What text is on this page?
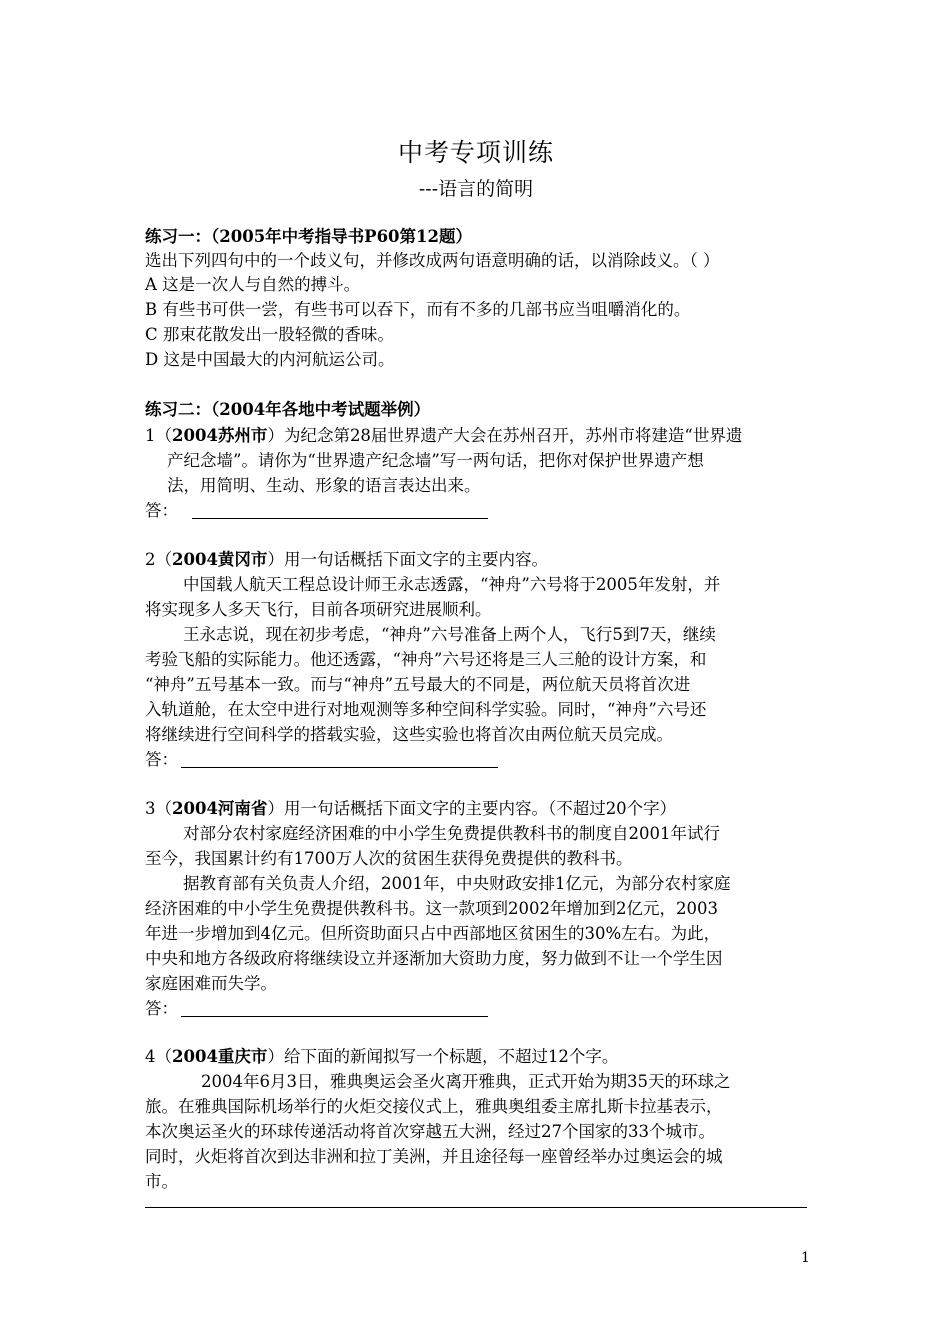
中考专项训练
---语言的简明
练习一：（2005年中考指导书P60第12题）
选出下列四句中的一个歧义句，并修改成两句语意明确的话，以消除歧义。（ ）
A 这是一次人与自然的搏斗。
B 有些书可供一尝，有些书可以吞下，而有不多的几部书应当咀嚼消化的。
C 那束花散发出一股轻微的香味。
D 这是中国最大的内河航运公司。
练习二：（2004年各地中考试题举例）
1（2004苏州市）为纪念第28届世界遗产大会在苏州召开，苏州市将建造“世界遗
产纪念墙”。请你为“世界遗产纪念墙”写一两句话，把你对保护世界遗产想
法，用简明、生动、形象的语言表达出来。
答：
2（2004黄冈市）用一句话概括下面文字的主要内容。
中国载人航天工程总设计师王永志透露，“神舟”六号将于2005年发射，并
将实现多人多天飞行，目前各项研究进展顺利。
王永志说，现在初步考虑，“神舟”六号准备上两个人，飞行5到7天，继续
考验飞船的实际能力。他还透露，“神舟”六号还将是三人三舱的设计方案，和
“神舟”五号基本一致。而与“神舟”五号最大的不同是，两位航天员将首次进
入轨道舱，在太空中进行对地观测等多种空间科学实验。同时，“神舟”六号还
将继续进行空间科学的搭载实验，这些实验也将首次由两位航天员完成。
答：
3（2004河南省）用一句话概括下面文字的主要内容。（不超过20个字）
对部分农村家庭经济困难的中小学生免费提供教科书的制度自2001年试行
至今，我国累计约有1700万人次的贫困生获得免费提供的教科书。
据教育部有关负责人介绍，2001年，中央财政安排1亿元，为部分农村家庭
经济困难的中小学生免费提供教科书。这一款项到2002年增加到2亿元，2003
年进一步增加到4亿元。但所资助面只占中西部地区贫困生的30%左右。为此，
中央和地方各级政府将继续设立并逐渐加大资助力度，努力做到不让一个学生因
家庭困难而失学。
答：
4（2004重庆市）给下面的新闻拟写一个标题，不超过12个字。
2004年6月3日，雅典奥运会圣火离开雅典，正式开始为期35天的环球之
旅。在雅典国际机场举行的火炬交接仪式上，雅典奥组委主席扎斯卡拉基表示，
本次奥运圣火的环球传递活动将首次穿越五大洲，经过27个国家的33个城市。
同时，火炬将首次到达非洲和拉丁美洲，并且途径每一座曾经举办过奥运会的城
市。
1
